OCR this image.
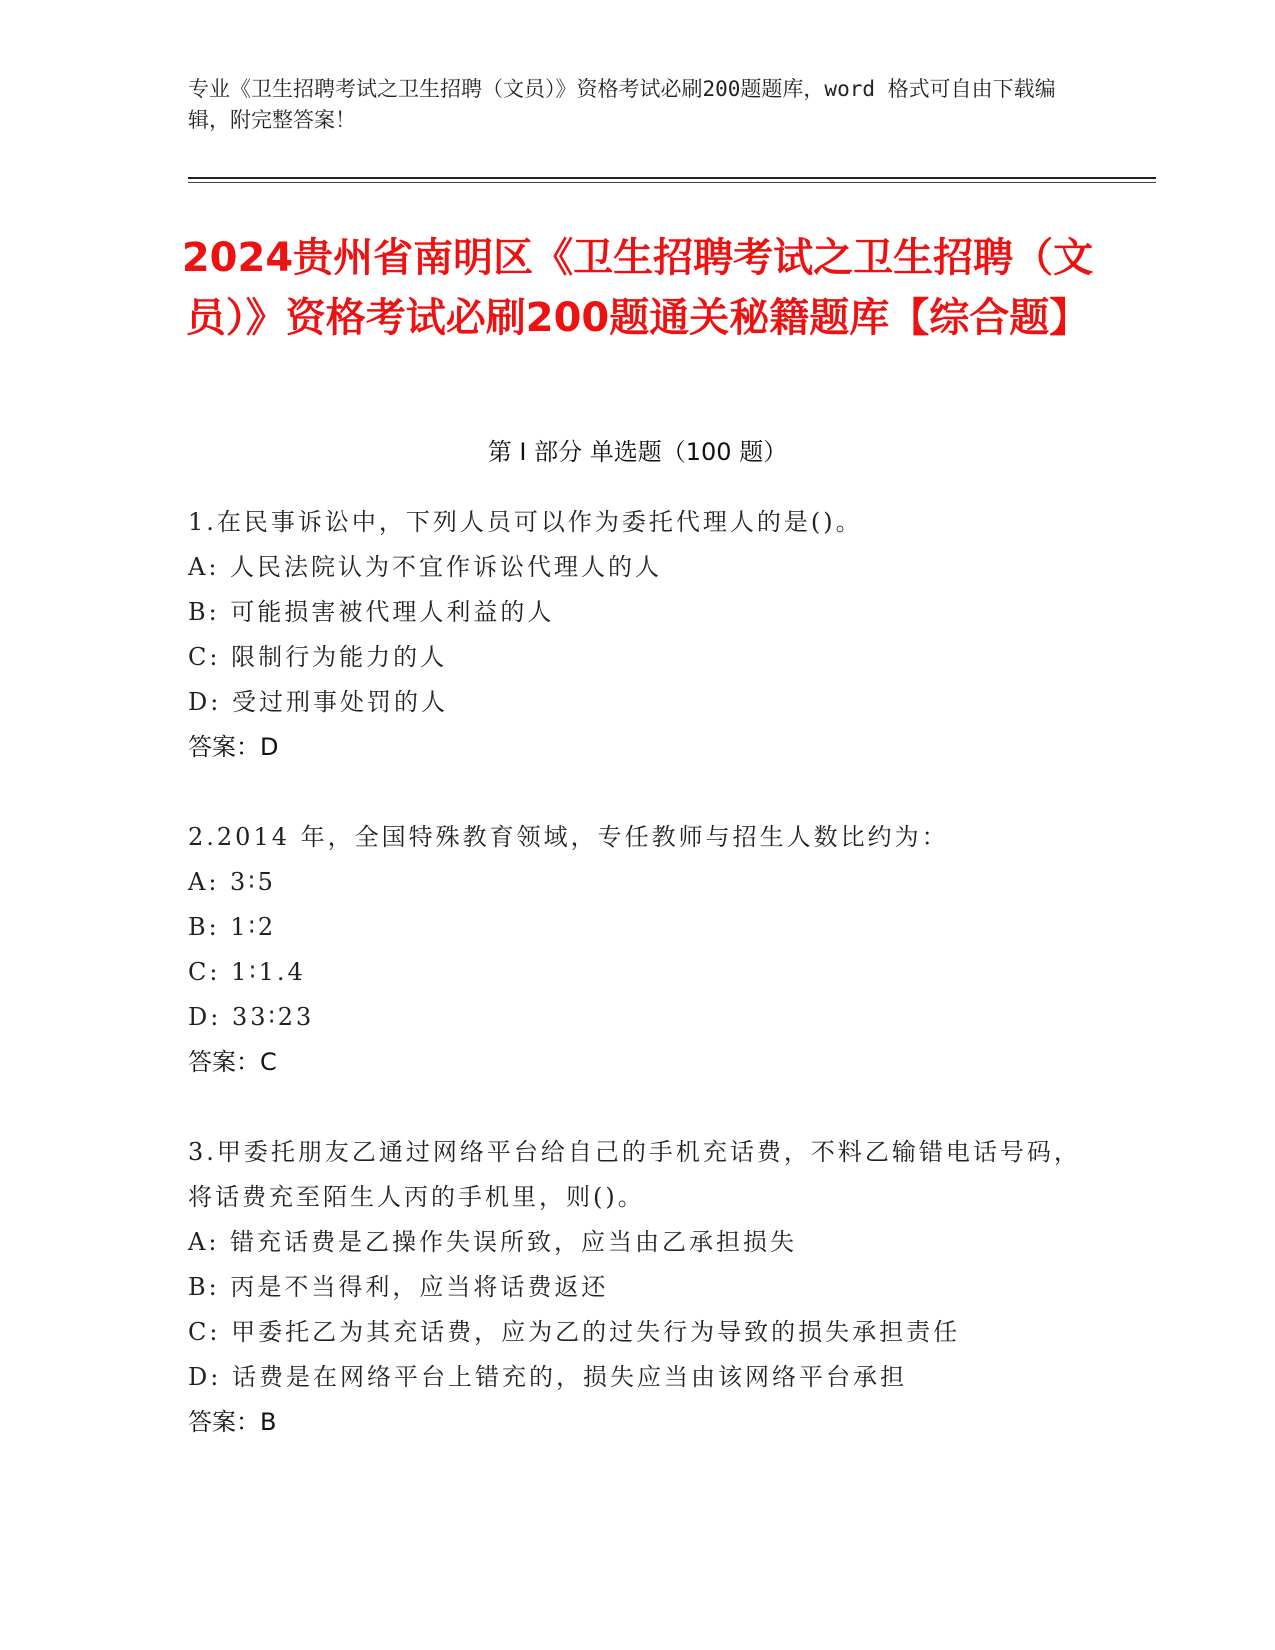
专业《卫生招聘考试之卫生招聘（文员）》资格考试必刷200题题库，word 格式可自由下载编辑，附完整答案！
2024贵州省南明区《卫生招聘考试之卫生招聘（文员）》资格考试必刷200题通关秘籍题库【综合题】
第 I 部分 单选题（100 题）
1.在民事诉讼中，下列人员可以作为委托代理人的是()。
A: 人民法院认为不宜作诉讼代理人的人
B: 可能损害被代理人利益的人
C: 限制行为能力的人
D: 受过刑事处罚的人
答案：D
2.2014 年，全国特殊教育领域，专任教师与招生人数比约为：
A: 3∶5
B: 1∶2
C: 1∶1.4
D: 33∶23
答案：C
3.甲委托朋友乙通过网络平台给自己的手机充话费，不料乙输错电话号码，将话费充至陌生人丙的手机里，则()。
A: 错充话费是乙操作失误所致，应当由乙承担损失
B: 丙是不当得利，应当将话费返还
C: 甲委托乙为其充话费，应为乙的过失行为导致的损失承担责任
D: 话费是在网络平台上错充的，损失应当由该网络平台承担
答案：B
